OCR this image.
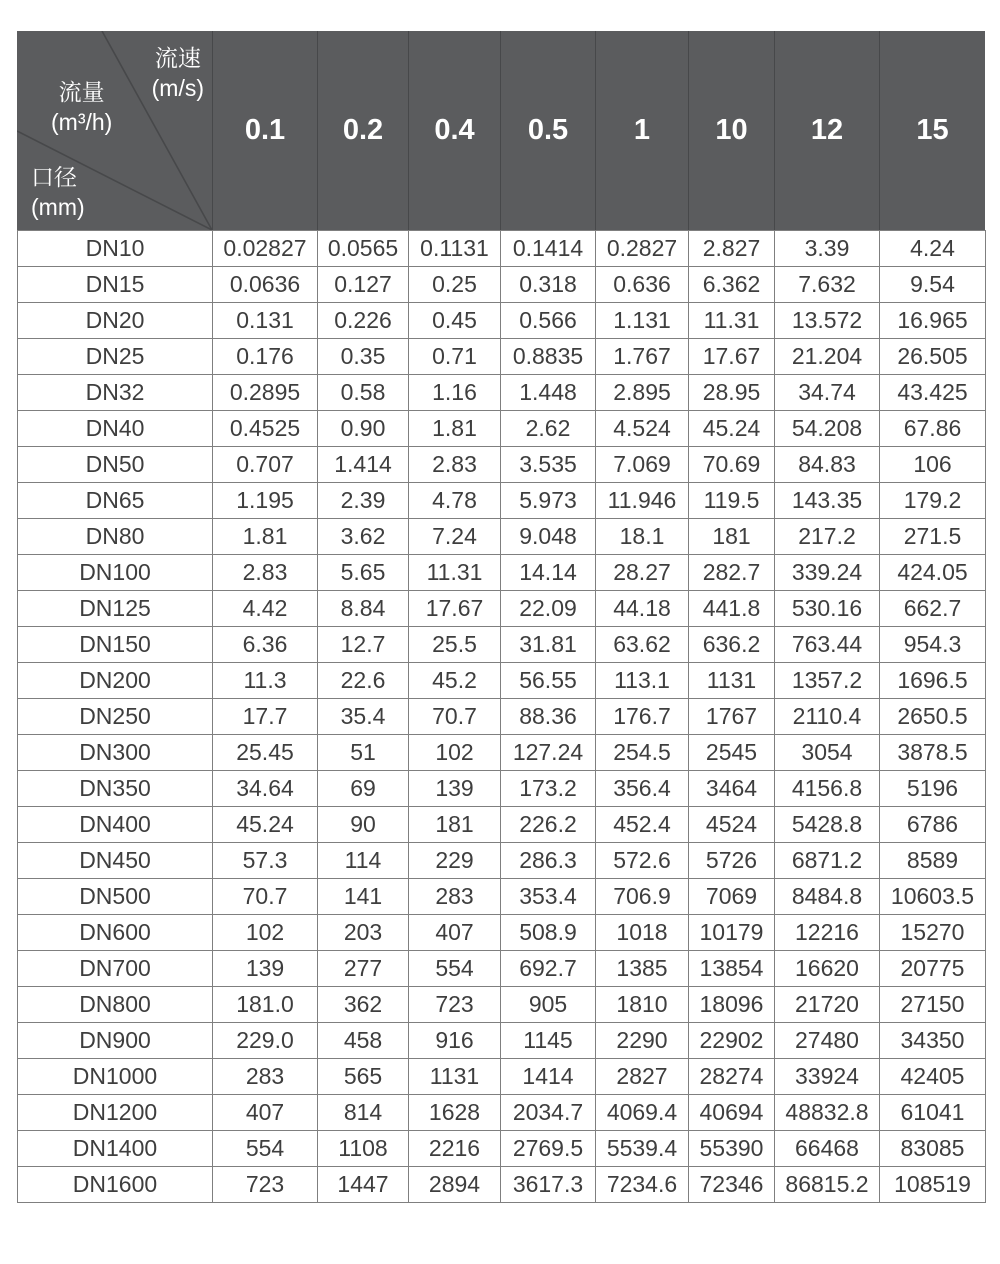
流速
(m/s)
流量
(m³/h)
口径
(mm)
0.1	0.2	0.4	0.5	1	10	12	15
DN10	0.02827	0.0565	0.1131	0.1414	0.2827	2.827	3.39	4.24
DN15	0.0636	0.127	0.25	0.318	0.636	6.362	7.632	9.54
DN20	0.131	0.226	0.45	0.566	1.131	11.31	13.572	16.965
DN25	0.176	0.35	0.71	0.8835	1.767	17.67	21.204	26.505
DN32	0.2895	0.58	1.16	1.448	2.895	28.95	34.74	43.425
DN40	0.4525	0.90	1.81	2.62	4.524	45.24	54.208	67.86
DN50	0.707	1.414	2.83	3.535	7.069	70.69	84.83	106
DN65	1.195	2.39	4.78	5.973	11.946	119.5	143.35	179.2
DN80	1.81	3.62	7.24	9.048	18.1	181	217.2	271.5
DN100	2.83	5.65	11.31	14.14	28.27	282.7	339.24	424.05
DN125	4.42	8.84	17.67	22.09	44.18	441.8	530.16	662.7
DN150	6.36	12.7	25.5	31.81	63.62	636.2	763.44	954.3
DN200	11.3	22.6	45.2	56.55	113.1	1131	1357.2	1696.5
DN250	17.7	35.4	70.7	88.36	176.7	1767	2110.4	2650.5
DN300	25.45	51	102	127.24	254.5	2545	3054	3878.5
DN350	34.64	69	139	173.2	356.4	3464	4156.8	5196
DN400	45.24	90	181	226.2	452.4	4524	5428.8	6786
DN450	57.3	114	229	286.3	572.6	5726	6871.2	8589
DN500	70.7	141	283	353.4	706.9	7069	8484.8	10603.5
DN600	102	203	407	508.9	1018	10179	12216	15270
DN700	139	277	554	692.7	1385	13854	16620	20775
DN800	181.0	362	723	905	1810	18096	21720	27150
DN900	229.0	458	916	1145	2290	22902	27480	34350
DN1000	283	565	1131	1414	2827	28274	33924	42405
DN1200	407	814	1628	2034.7	4069.4	40694	48832.8	61041
DN1400	554	1108	2216	2769.5	5539.4	55390	66468	83085
DN1600	723	1447	2894	3617.3	7234.6	72346	86815.2	108519
